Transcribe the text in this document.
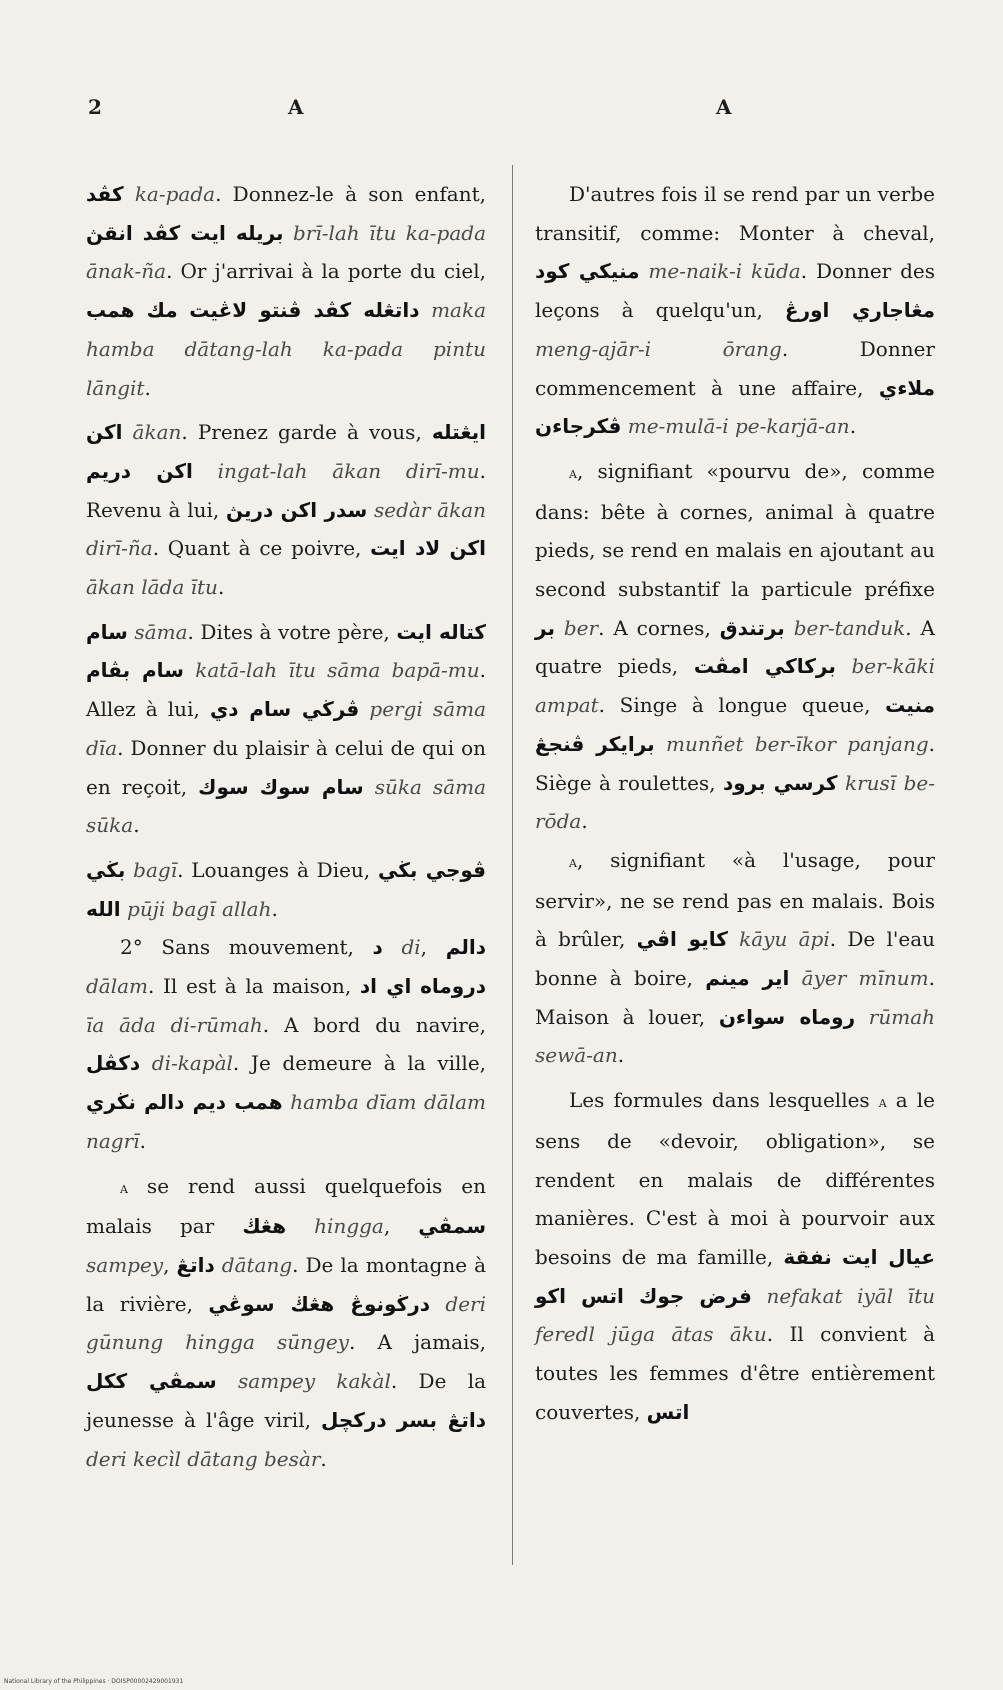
2	A	A

کڤد ka-pada. Donnez-le à son enfant, بريله ايت کڤد انقڽ brī-lah ītu ka-pada ānak-ña. Or j'arrivai à la porte du ciel, مك همب داتڠله کڤد ڤنتو لاڠيت maka hamba dātang-lah ka-pada pintu lāngit.

اکن ākan. Prenez garde à vous, ايڠتله اکن دريم ingat-lah ākan dirī-mu. Revenu à lui, سدر اکن دريڽ sedàr ākan dirī-ña. Quant à ce poivre, اکن لاد ايت ākan lāda ītu.

سام sāma. Dites à votre père, کتاله ايت سام بڤام katā-lah ītu sāma bapā-mu. Allez à lui, ڤرڬي سام دي pergi sāma dīa. Donner du plaisir à celui de qui on en reçoit, سوك سام سوك sūka sāma sūka.

بڬي bagī. Louanges à Dieu, ڤوجي بڬي الله pūji bagī allah.

2° Sans mouvement, د di, دالم dālam. Il est à la maison, اي اد دروماه īa āda di-rūmah. A bord du navire, دکڤل di-kapàl. Je demeure à la ville, همب ديم دالم نڬري hamba dīam dālam nagrī.

a se rend aussi quelquefois en malais par هڠڬ hingga, سمڤي sampey, داتڠ dātang. De la montagne à la rivière, درڬونوڠ هڠڬ سوڠي deri gūnung hingga sūngey. A jamais, سمڤي ککل sampey kakàl. De la jeunesse à l'âge viril, درکچل داتڠ بسر deri kecìl dātang besàr.

D'autres fois il se rend par un verbe transitif, comme: Monter à cheval, منيکي کود me-naik-i kūda. Donner des leçons à quelqu'un, مڠاجاري اورڠ meng-ajār-i ōrang. Donner commencement à une affaire, ملاءي ڤکرجاءن me-mulā-i pe-karjā-an.

a, signifiant «pourvu de», comme dans: bête à cornes, animal à quatre pieds, se rend en malais en ajoutant au second substantif la particule préfixe بر ber. A cornes, برتندق ber-tanduk. A quatre pieds, برکاکي امڤت ber-kāki ampat. Singe à longue queue, منيت برايکر ڤنجڠ munñet ber-īkor panjang. Siège à roulettes, کرسي برود krusī be-rōda.

a, signifiant «à l'usage, pour servir», ne se rend pas en malais. Bois à brûler, کايو اڤي kāyu āpi. De l'eau bonne à boire, اير مينم āyer mīnum. Maison à louer, روماه سواءن rūmah sewā-an.

Les formules dans lesquelles a a le sens de «devoir, obligation», se rendent en malais de différentes manières. C'est à moi à pourvoir aux besoins de ma famille, نفقة عيال ايت فرض جوك اتس اکو nefakat iyāl ītu feredl jūga ātas āku. Il convient à toutes les femmes d'être entièrement couvertes, اتس

National Library of the Philippines · DOISP00002429001931
